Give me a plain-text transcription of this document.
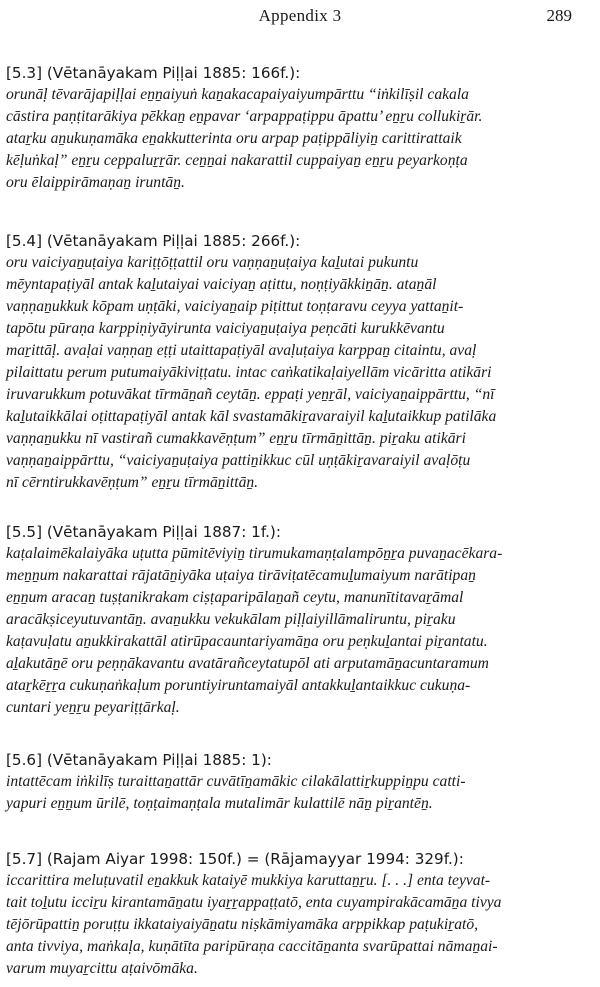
Appendix 3	289

[5.3] (Vētanāyakam Piḷḷai 1885: 166f.):

orunāḷ tēvarājapiḷḷai eṉṉaiyuṅ kaṉakacapaiyaiyumpārttu “iṅkilīṣil cakala
cāstira paṇṭitarākiya pēkkaṉ eṉpavar ‘arpappaṭippu āpattu’ eṉṟu collukiṟār.
ataṟku aṉukuṇamāka eṉakkutterinta oru arpap paṭippāliyiṉ carittirattaik
kēḷuṅkaḷ” eṉṟu ceppaluṟṟār. ceṉṉai nakarattil cuppaiyaṉ eṉṟu peyarkoṇṭa
oru ēlaippirāmaṇaṉ iruntāṉ.

[5.4] (Vētanāyakam Piḷḷai 1885: 266f.):

oru vaiciyaṉuṭaiya kariṭṭōṭṭattil oru vaṇṇaṉuṭaiya kaḻutai pukuntu
mēyntapaṭiyāl antak kaḻutaiyai vaiciyaṉ aṭittu, noṇṭiyākkiṉāṉ. ataṉāl
vaṇṇaṉukkuk kōpam uṇṭāki, vaiciyaṉaip piṭittut toṇṭaravu ceyya yattaṉit-
tapōtu pūraṇa karppiṇiyāyirunta vaiciyaṉuṭaiya peṇcāti kurukkēvantu
maṟittāḷ. avaḷai vaṇṇaṉ eṭṭi utaittapaṭiyāl avaḷuṭaiya karppaṉ citaintu, avaḷ
pilaittatu perum putumaiyākiviṭṭatu. intac caṅkatikaḷaiyellām vicāritta atikāri
iruvarukkum potuvākat tīrmāṉañ ceytāṉ. eppaṭi yeṉṟāl, vaiciyaṉaippārttu, “nī
kaḻutaikkālai oṭittapaṭiyāl antak kāl svastamākiṟavaraiyil kaḻutaikkup patilāka
vaṇṇaṉukku nī vastirañ cumakkavēṇṭum” eṉṟu tīrmāṉittāṉ. piṟaku atikāri
vaṇṇaṉaippārttu, “vaiciyaṉuṭaiya pattiṉikkuc cūl uṇṭākiṟavaraiyil avaḷōṭu
nī cērntirukkavēṇṭum” eṉṟu tīrmāṉittāṉ.

[5.5] (Vētanāyakam Piḷḷai 1887: 1f.):

kaṭalaimēkalaiyāka uṭutta pūmitēviyiṉ tirumukamaṇṭalampōṉṟa puvaṉacēkara-
meṉṉum nakarattai rājatāṉiyāka uṭaiya tirāviṭatēcamuḻumaiyum narātipaṉ
eṉṉum aracaṉ tuṣṭanikrakam ciṣṭaparipālaṉañ ceytu, manunītitavaṟāmal
aracākṣiceyutuvantāṉ. avaṉukku vekukālam piḷḷaiyillāmaliruntu, piṟaku
kaṭavuḷatu aṉukkirakattāl atirūpacauntariyamāṉa oru peṇkuḻantai piṟantatu.
aḻakutāṉē oru peṇṇākavantu avatārañceytatupōl ati arputamāṉacuntaramum
ataṟkēṟṟa cukuṇaṅkaḷum poruntiyiruntamaiyāl antakkuḻantaikkuc cukuṇa-
cuntari yeṉṟu peyariṭṭārkaḷ.

[5.6] (Vētanāyakam Piḷḷai 1885: 1):

intattēcam iṅkilīṣ turaittaṉattār cuvātīṉamākic cilakālattiṟkuppiṉpu catti-
yapuri eṉṉum ūrilē, toṇṭaimaṇṭala mutalimār kulattilē nāṉ piṟantēṉ.

[5.7] (Rajam Aiyar 1998: 150f.) = (Rājamayyar 1994: 329f.):

iccarittira meluṭuvatil eṉakkuk kataiyē mukkiya karuttaṉṟu. [. . .] enta teyvat-
tait toḻutu icciṟu kirantamāṉatu iyaṟṟappaṭṭatō, enta cuyampirakācamāṉa tivya
tējōrūpattiṉ poruṭṭu ikkataiyaiyāṉatu niṣkāmiyamāka arppikkap paṭukiṟatō,
anta tivviya, maṅkaḷa, kuṇātīta paripūraṇa caccitāṉanta svarūpattai nāmaṉai-
varum muyaṟcittu aṭaivōmāka.
